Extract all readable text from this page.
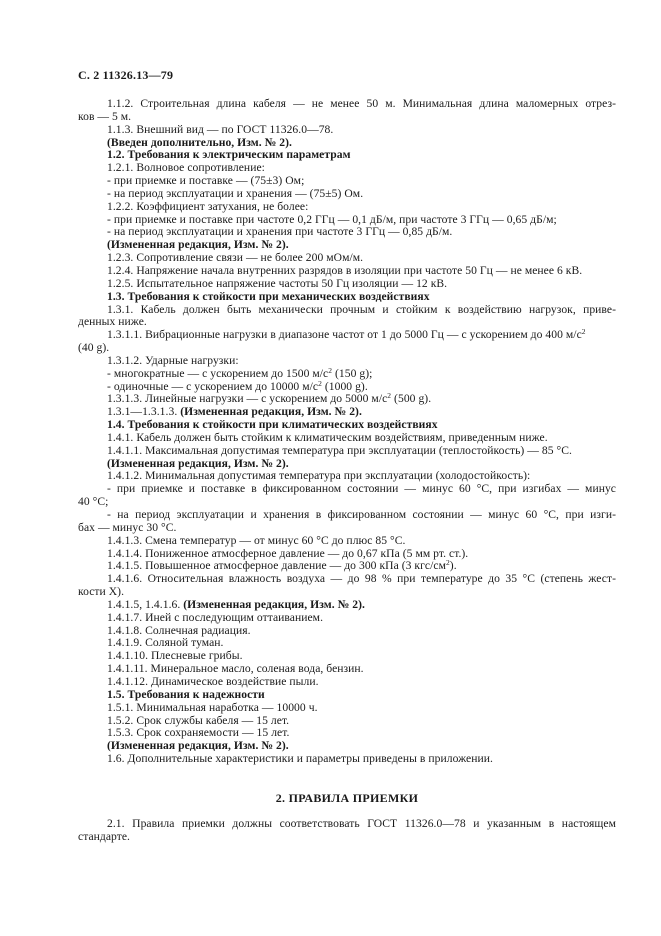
С. 2 11326.13—79
1.1.2. Строительная длина кабеля — не менее 50 м. Минимальная длина маломерных отрез-
ков — 5 м.
1.1.3. Внешний вид — по ГОСТ 11326.0—78.
(Введен дополнительно, Изм. № 2).
1.2. Требования к электрическим параметрам
1.2.1. Волновое сопротивление:
- при приемке и поставке — (75±3) Ом;
- на период эксплуатации и хранения — (75±5) Ом.
1.2.2. Коэффициент затухания, не более:
- при приемке и поставке при частоте 0,2 ГГц — 0,1 дБ/м, при частоте 3 ГГц — 0,65 дБ/м;
- на период эксплуатации и хранения при частоте 3 ГГц — 0,85 дБ/м.
(Измененная редакция, Изм. № 2).
1.2.3. Сопротивление связи — не более 200 мОм/м.
1.2.4. Напряжение начала внутренних разрядов в изоляции при частоте 50 Гц — не менее 6 кВ.
1.2.5. Испытательное напряжение частоты 50 Гц изоляции — 12 кВ.
1.3. Требования к стойкости при механических воздействиях
1.3.1. Кабель должен быть механически прочным и стойким к воздействию нагрузок, приве-
денных ниже.
1.3.1.1. Вибрационные нагрузки в диапазоне частот от 1 до 5000 Гц — с ускорением до 400 $м/с^2$
(40 g).
1.3.1.2. Ударные нагрузки:
- многократные — с ускорением до 1500 $м/с^2$ (150 g);
- одиночные — с ускорением до 10000 $м/с^2$ (1000 g).
1.3.1.3. Линейные нагрузки — с ускорением до 5000 $м/с^2$ (500 g).
1.3.1—1.3.1.3. (Измененная редакция, Изм. № 2).
1.4. Требования к стойкости при климатических воздействиях
1.4.1. Кабель должен быть стойким к климатическим воздействиям, приведенным ниже.
1.4.1.1. Максимальная допустимая температура при эксплуатации (теплостойкость) — 85 °С.
(Измененная редакция, Изм. № 2).
1.4.1.2. Минимальная допустимая температура при эксплуатации (холодостойкость):
- при приемке и поставке в фиксированном состоянии — минус 60 °С, при изгибах — минус
40 °С;
- на период эксплуатации и хранения в фиксированном состоянии — минус 60 °С, при изги-
бах — минус 30 °С.
1.4.1.3. Смена температур — от минус 60 °С до плюс 85 °С.
1.4.1.4. Пониженное атмосферное давление — до 0,67 кПа (5 мм рт. ст.).
1.4.1.5. Повышенное атмосферное давление — до 300 кПа (3 кгс/$см^2$).
1.4.1.6. Относительная влажность воздуха — до 98 % при температуре до 35 °С (степень жест-
кости X).
1.4.1.5, 1.4.1.6. (Измененная редакция, Изм. № 2).
1.4.1.7. Иней с последующим оттаиванием.
1.4.1.8. Солнечная радиация.
1.4.1.9. Соляной туман.
1.4.1.10. Плесневые грибы.
1.4.1.11. Минеральное масло, соленая вода, бензин.
1.4.1.12. Динамическое воздействие пыли.
1.5. Требования к надежности
1.5.1. Минимальная наработка — 10000 ч.
1.5.2. Срок службы кабеля — 15 лет.
1.5.3. Срок сохраняемости — 15 лет.
(Измененная редакция, Изм. № 2).
1.6. Дополнительные характеристики и параметры приведены в приложении.
2. ПРАВИЛА ПРИЕМКИ
2.1. Правила приемки должны соответствовать ГОСТ 11326.0—78 и указанным в настоящем
стандарте.
